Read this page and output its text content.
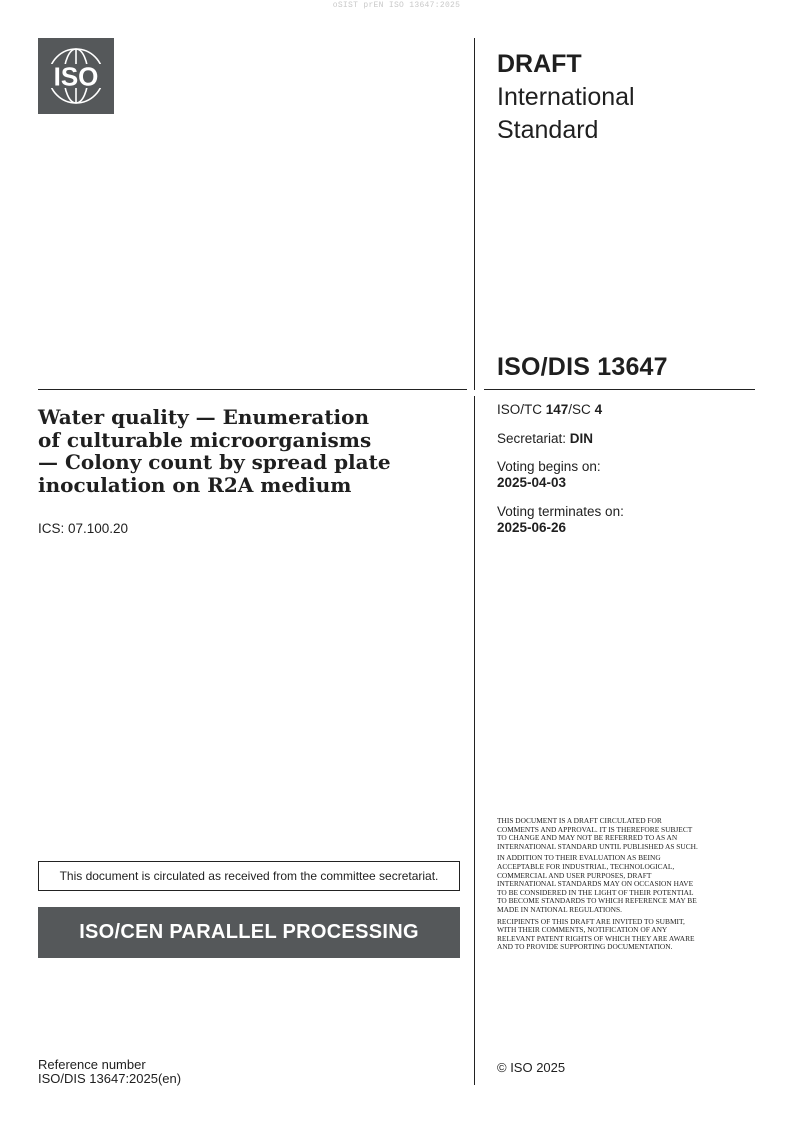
oSIST prEN ISO 13647:2025
ISO	DRAFT
International
Standard
ISO/DIS 13647
Water quality — Enumeration
of culturable microorganisms
— Colony count by spread plate
inoculation on R2A medium
ICS: 07.100.20
ISO/TC 147/SC 4
Secretariat: DIN
Voting begins on:
2025-04-03
Voting terminates on:
2025-06-26

THIS DOCUMENT IS A DRAFT CIRCULATED FOR COMMENTS AND APPROVAL. IT IS THEREFORE SUBJECT TO CHANGE AND MAY NOT BE REFERRED TO AS AN INTERNATIONAL STANDARD UNTIL PUBLISHED AS SUCH.

IN ADDITION TO THEIR EVALUATION AS BEING ACCEPTABLE FOR INDUSTRIAL, TECHNOLOGICAL, COMMERCIAL AND USER PURPOSES, DRAFT INTERNATIONAL STANDARDS MAY ON OCCASION HAVE TO BE CONSIDERED IN THE LIGHT OF THEIR POTENTIAL TO BECOME STANDARDS TO WHICH REFERENCE MAY BE MADE IN NATIONAL REGULATIONS.

RECIPIENTS OF THIS DRAFT ARE INVITED TO SUBMIT, WITH THEIR COMMENTS, NOTIFICATION OF ANY RELEVANT PATENT RIGHTS OF WHICH THEY ARE AWARE AND TO PROVIDE SUPPORTING DOCUMENTATION.

© ISO 2025
This document is circulated as received from the committee secretariat.
ISO/CEN PARALLEL PROCESSING
Reference number
ISO/DIS 13647:2025(en)
